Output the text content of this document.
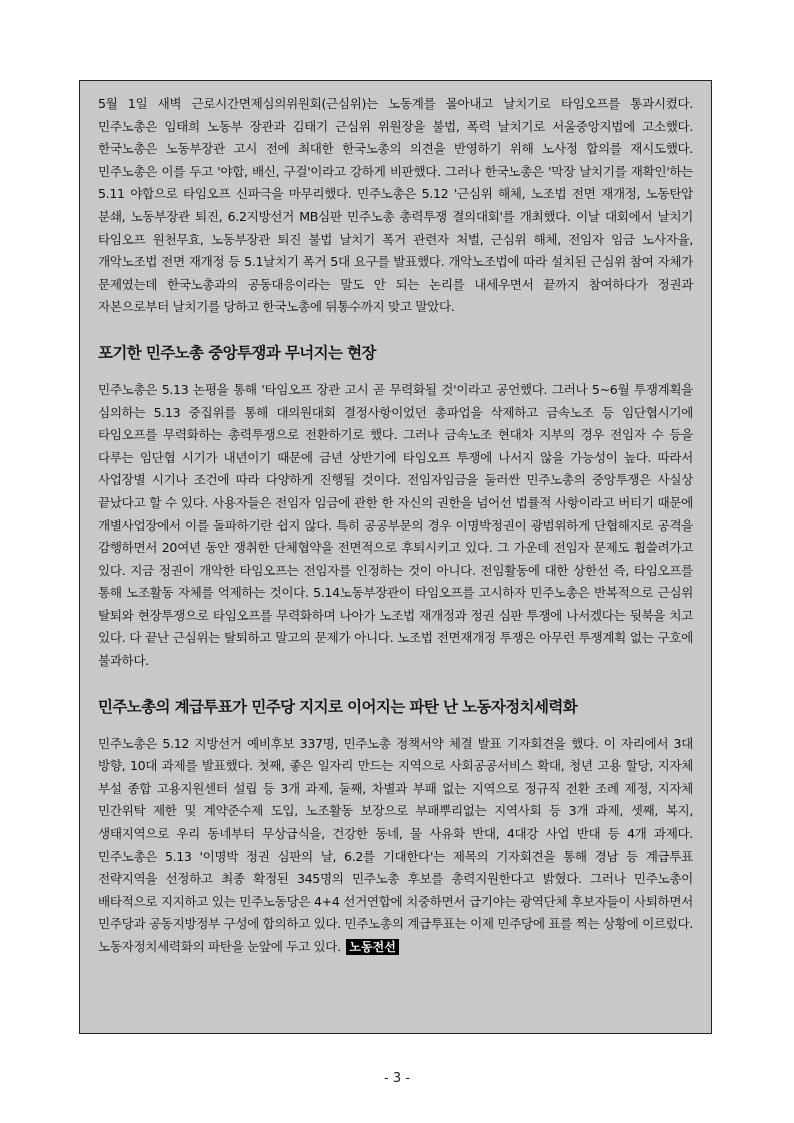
5월 1일 새벽 근로시간면제심의위원회(근심위)는 노동계를 몰아내고 날치기로 타임오프를 통과시켰다. 민주노총은 임태희 노동부 장관과 김태기 근심위 위원장을 불법, 폭력 날치기로 서울중앙지법에 고소했다. 한국노총은 노동부장관 고시 전에 최대한 한국노총의 의견을 반영하기 위해 노사정 합의를 재시도했다. 민주노총은 이를 두고 '야합, 배신, 구걸'이라고 강하게 비판했다. 그러나 한국노총은 '막장 날치기를 재확인'하는 5.11 야합으로 타임오프 신파극을 마무리했다. 민주노총은 5.12 '근심위 해체, 노조법 전면 재개정, 노동탄압 분쇄, 노동부장관 퇴진, 6.2지방선거 MB심판 민주노총 총력투쟁 결의대회'를 개최했다. 이날 대회에서 날치기 타임오프 원천무효, 노동부장관 퇴진 불법 날치기 폭거 관련자 처벌, 근심위 해체, 전임자 임금 노사자율, 개악노조법 전면 재개정 등 5.1날치기 폭거 5대 요구를 발표했다. 개악노조법에 따라 설치된 근심위 참여 자체가 문제였는데 한국노총과의 공동대응이라는 말도 안 되는 논리를 내세우면서 끝까지 참여하다가 정권과 자본으로부터 날치기를 당하고 한국노총에 뒤통수까지 맞고 말았다.

포기한 민주노총 중앙투쟁과 무너지는 현장

민주노총은 5.13 논평을 통해 '타임오프 장관 고시 곧 무력화될 것'이라고 공언했다. 그러나 5~6월 투쟁계획을 심의하는 5.13 중집위를 통해 대의원대회 결정사항이었던 총파업을 삭제하고 금속노조 등 임단협시기에 타임오프를 무력화하는 총력투쟁으로 전환하기로 했다. 그러나 금속노조 현대차 지부의 경우 전임자 수 등을 다루는 임단협 시기가 내년이기 때문에 금년 상반기에 타임오프 투쟁에 나서지 않을 가능성이 높다. 따라서 사업장별 시기나 조건에 따라 다양하게 진행될 것이다. 전임자임금을 둘러싼 민주노총의 중앙투쟁은 사실상 끝났다고 할 수 있다. 사용자들은 전임자 임금에 관한 한 자신의 권한을 넘어선 법률적 사항이라고 버티기 때문에 개별사업장에서 이를 돌파하기란 쉽지 않다. 특히 공공부문의 경우 이명박정권이 광범위하게 단협해지로 공격을 감행하면서 20여년 동안 쟁취한 단체협약을 전면적으로 후퇴시키고 있다. 그 가운데 전임자 문제도 휩쓸려가고 있다. 지금 정권이 개악한 타임오프는 전임자를 인정하는 것이 아니다. 전임활동에 대한 상한선 즉, 타임오프를 통해 노조활동 자체를 억제하는 것이다. 5.14노동부장관이 타임오프를 고시하자 민주노총은 반복적으로 근심위 탈퇴와 현장투쟁으로 타임오프를 무력화하며 나아가 노조법 재개정과 정권 심판 투쟁에 나서겠다는 뒷북을 치고 있다. 다 끝난 근심위는 탈퇴하고 말고의 문제가 아니다. 노조법 전면재개정 투쟁은 아무런 투쟁계획 없는 구호에 불과하다.

민주노총의 계급투표가 민주당 지지로 이어지는 파탄 난 노동자정치세력화

민주노총은 5.12 지방선거 예비후보 337명, 민주노총 정책서약 체결 발표 기자회견을 했다. 이 자리에서 3대 방향, 10대 과제를 발표했다. 첫째, 좋은 일자리 만드는 지역으로 사회공공서비스 확대, 청년 고용 할당, 지자체 부설 종합 고용지원센터 설립 등 3개 과제, 둘째, 차별과 부패 없는 지역으로 정규직 전환 조례 제정, 지자체 민간위탁 제한 및 계약준수제 도입, 노조활동 보장으로 부패뿌리없는 지역사회 등 3개 과제, 셋째, 복지, 생태지역으로 우리 동네부터 무상급식을, 건강한 동네, 물 사유화 반대, 4대강 사업 반대 등 4개 과제다. 민주노총은 5.13 '이명박 정권 심판의 날, 6.2를 기대한다'는 제목의 기자회견을 통해 경남 등 계급투표 전략지역을 선정하고 최종 확정된 345명의 민주노총 후보를 총력지원한다고 밝혔다. 그러나 민주노총이 배타적으로 지지하고 있는 민주노동당은 4+4 선거연합에 치중하면서 급기야는 광역단체 후보자들이 사퇴하면서 민주당과 공동지방정부 구성에 합의하고 있다. 민주노총의 계급투표는 이제 민주당에 표를 찍는 상황에 이르렀다. 노동자정치세력화의 파탄을 눈앞에 두고 있다. 노동전선

- 3 -
